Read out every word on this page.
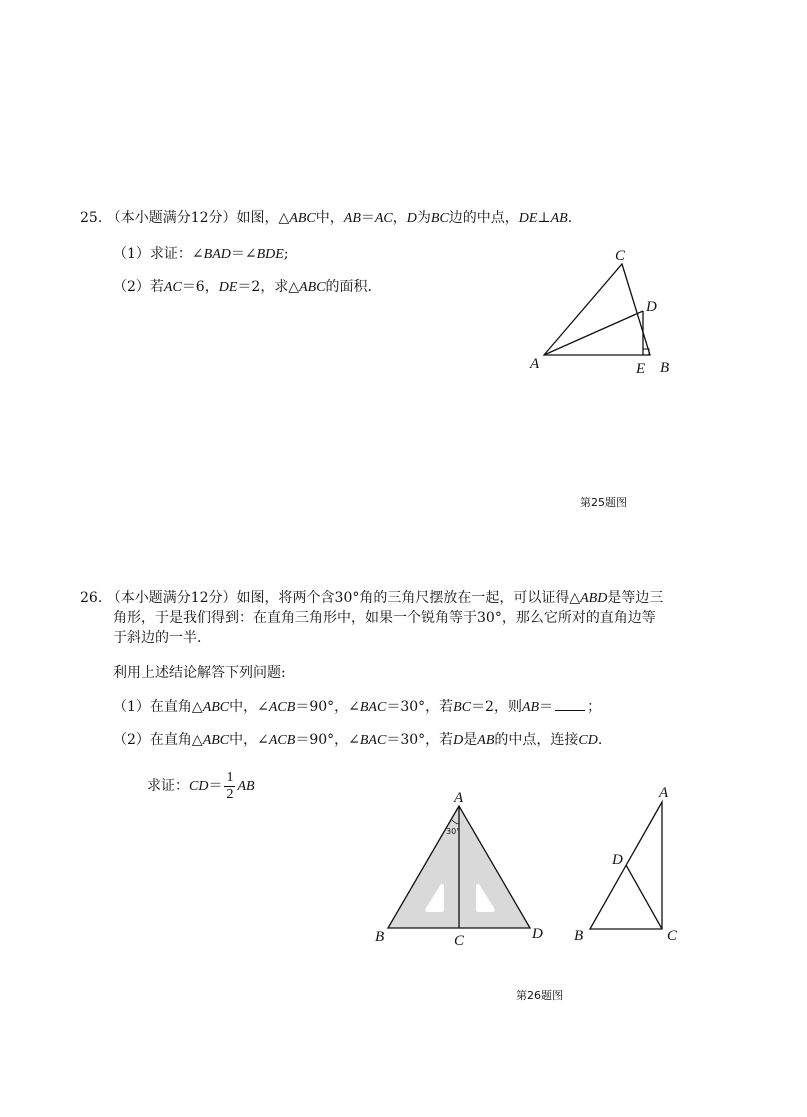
25. （本小题满分12分）如图，△ABC中，AB＝AC，D为BC边的中点，DE⊥AB.
（1）求证：∠BAD＝∠BDE;
（2）若AC＝6，DE＝2，求△ABC的面积.
A
C
D
E B
第25题图
26. （本小题满分12分）如图，将两个含30°角的三角尺摆放在一起，可以证得△ABD是等边三
角形，于是我们得到：在直角三角形中，如果一个锐角等于30°，那么它所对的直角边等
于斜边的一半.
利用上述结论解答下列问题:
（1）在直角△ABC中，∠ACB＝90°，∠BAC＝30°，若BC＝2，则AB＝ ；
（2）在直角△ABC中，∠ACB＝90°，∠BAC＝30°，若D是AB的中点，连接CD.
求证：$CD= \frac{1}{2}$ AB
30°
A
B	C	D
A
D
B	C
第26题图
